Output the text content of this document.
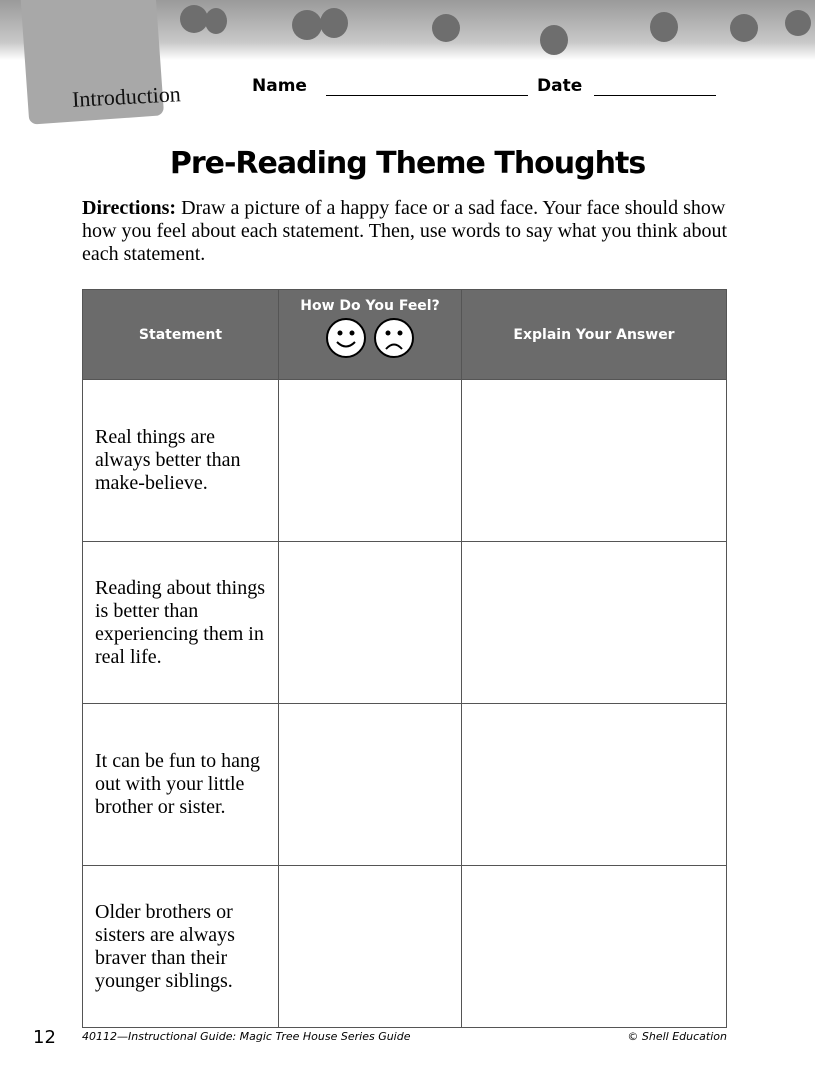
Introduction	Name	Date
Pre-Reading Theme Thoughts
Directions: Draw a picture of a happy face or a sad face. Your face should show how you feel about each statement. Then, use words to say what you think about each statement.
Statement	How Do You Feel?	Explain Your Answer
Real things are always better than make-believe.		
Reading about things is better than experiencing them in real life.		
It can be fun to hang out with your little brother or sister.		
Older brothers or sisters are always braver than their younger siblings.		
12 40112—Instructional Guide: Magic Tree House Series Guide	© Shell Education
